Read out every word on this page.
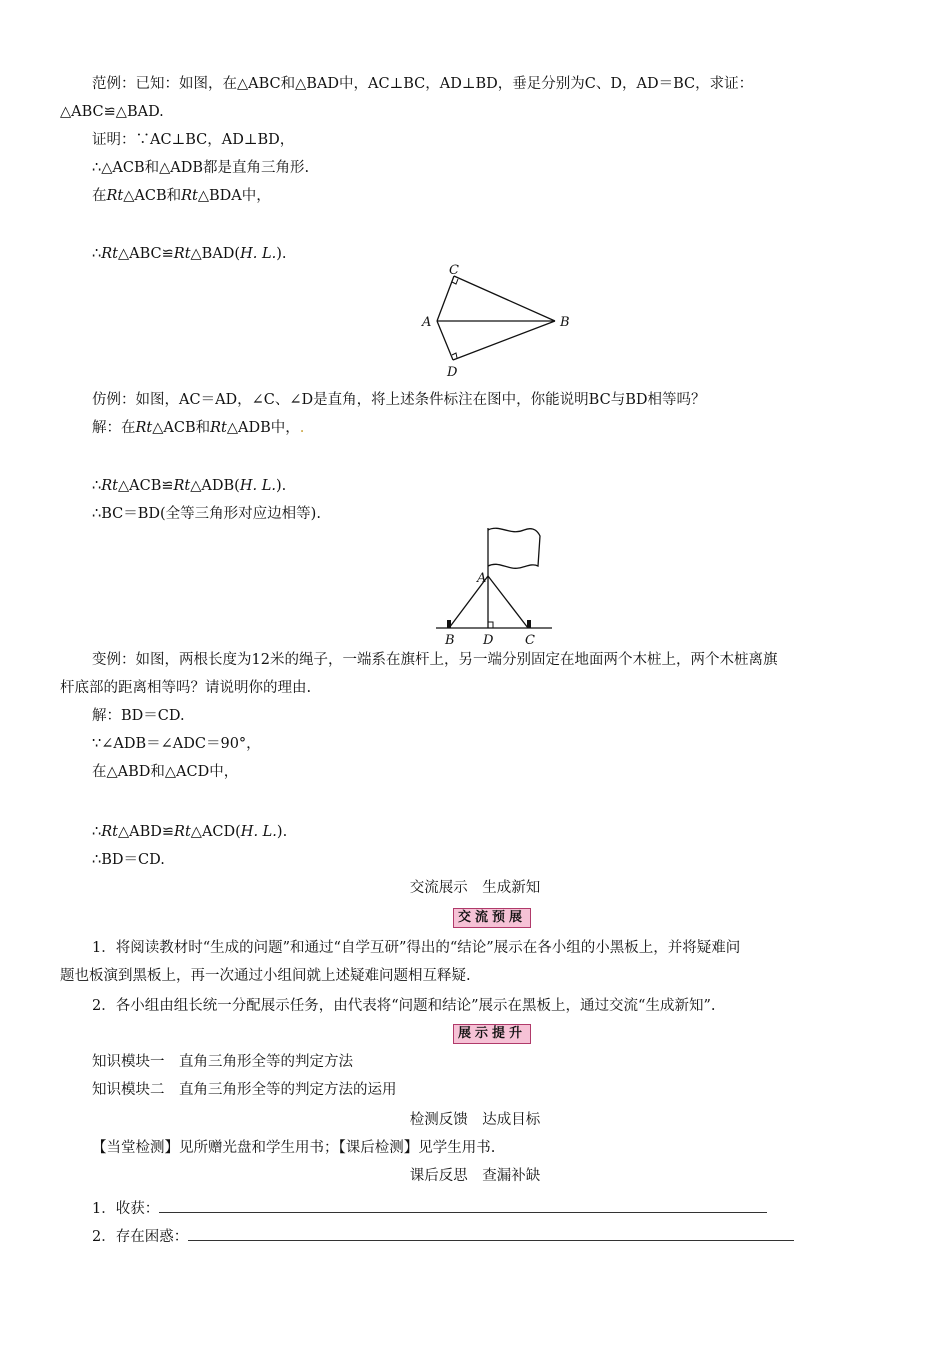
范例：已知：如图，在△ABC和△BAD中，AC⊥BC，AD⊥BD，垂足分别为C、D，AD＝BC，求证：
△ABC≌△BAD.
证明：∵AC⊥BC，AD⊥BD，
∴△ACB和△ADB都是直角三角形.
在Rt△ACB和Rt△BDA中，
∴Rt△ABC≌Rt△BAD(H. L.).
C
A	B
D
仿例：如图，AC＝AD，∠C、∠D是直角，将上述条件标注在图中，你能说明BC与BD相等吗？
解：在Rt△ACB和Rt△ADB中，.
∴Rt△ACB≌Rt△ADB(H. L.).
∴BC＝BD(全等三角形对应边相等).
A
B D C
变例：如图，两根长度为12米的绳子，一端系在旗杆上，另一端分别固定在地面两个木桩上，两个木桩离旗
杆底部的距离相等吗？请说明你的理由.
解：BD＝CD.
∵∠ADB＝∠ADC＝90°，
在△ABD和△ACD中，
∴Rt△ABD≌Rt△ACD(H. L.).
∴BD＝CD.
交流展示　生成新知
交流预展
1．将阅读教材时“生成的问题”和通过“自学互研”得出的“结论”展示在各小组的小黑板上，并将疑难问
题也板演到黑板上，再一次通过小组间就上述疑难问题相互释疑.
2．各小组由组长统一分配展示任务，由代表将“问题和结论”展示在黑板上，通过交流“生成新知”.
展示提升
知识模块一　直角三角形全等的判定方法
知识模块二　直角三角形全等的判定方法的运用
检测反馈　达成目标
【当堂检测】见所赠光盘和学生用书；【课后检测】见学生用书.
课后反思　查漏补缺
1．收获：
2．存在困惑：
